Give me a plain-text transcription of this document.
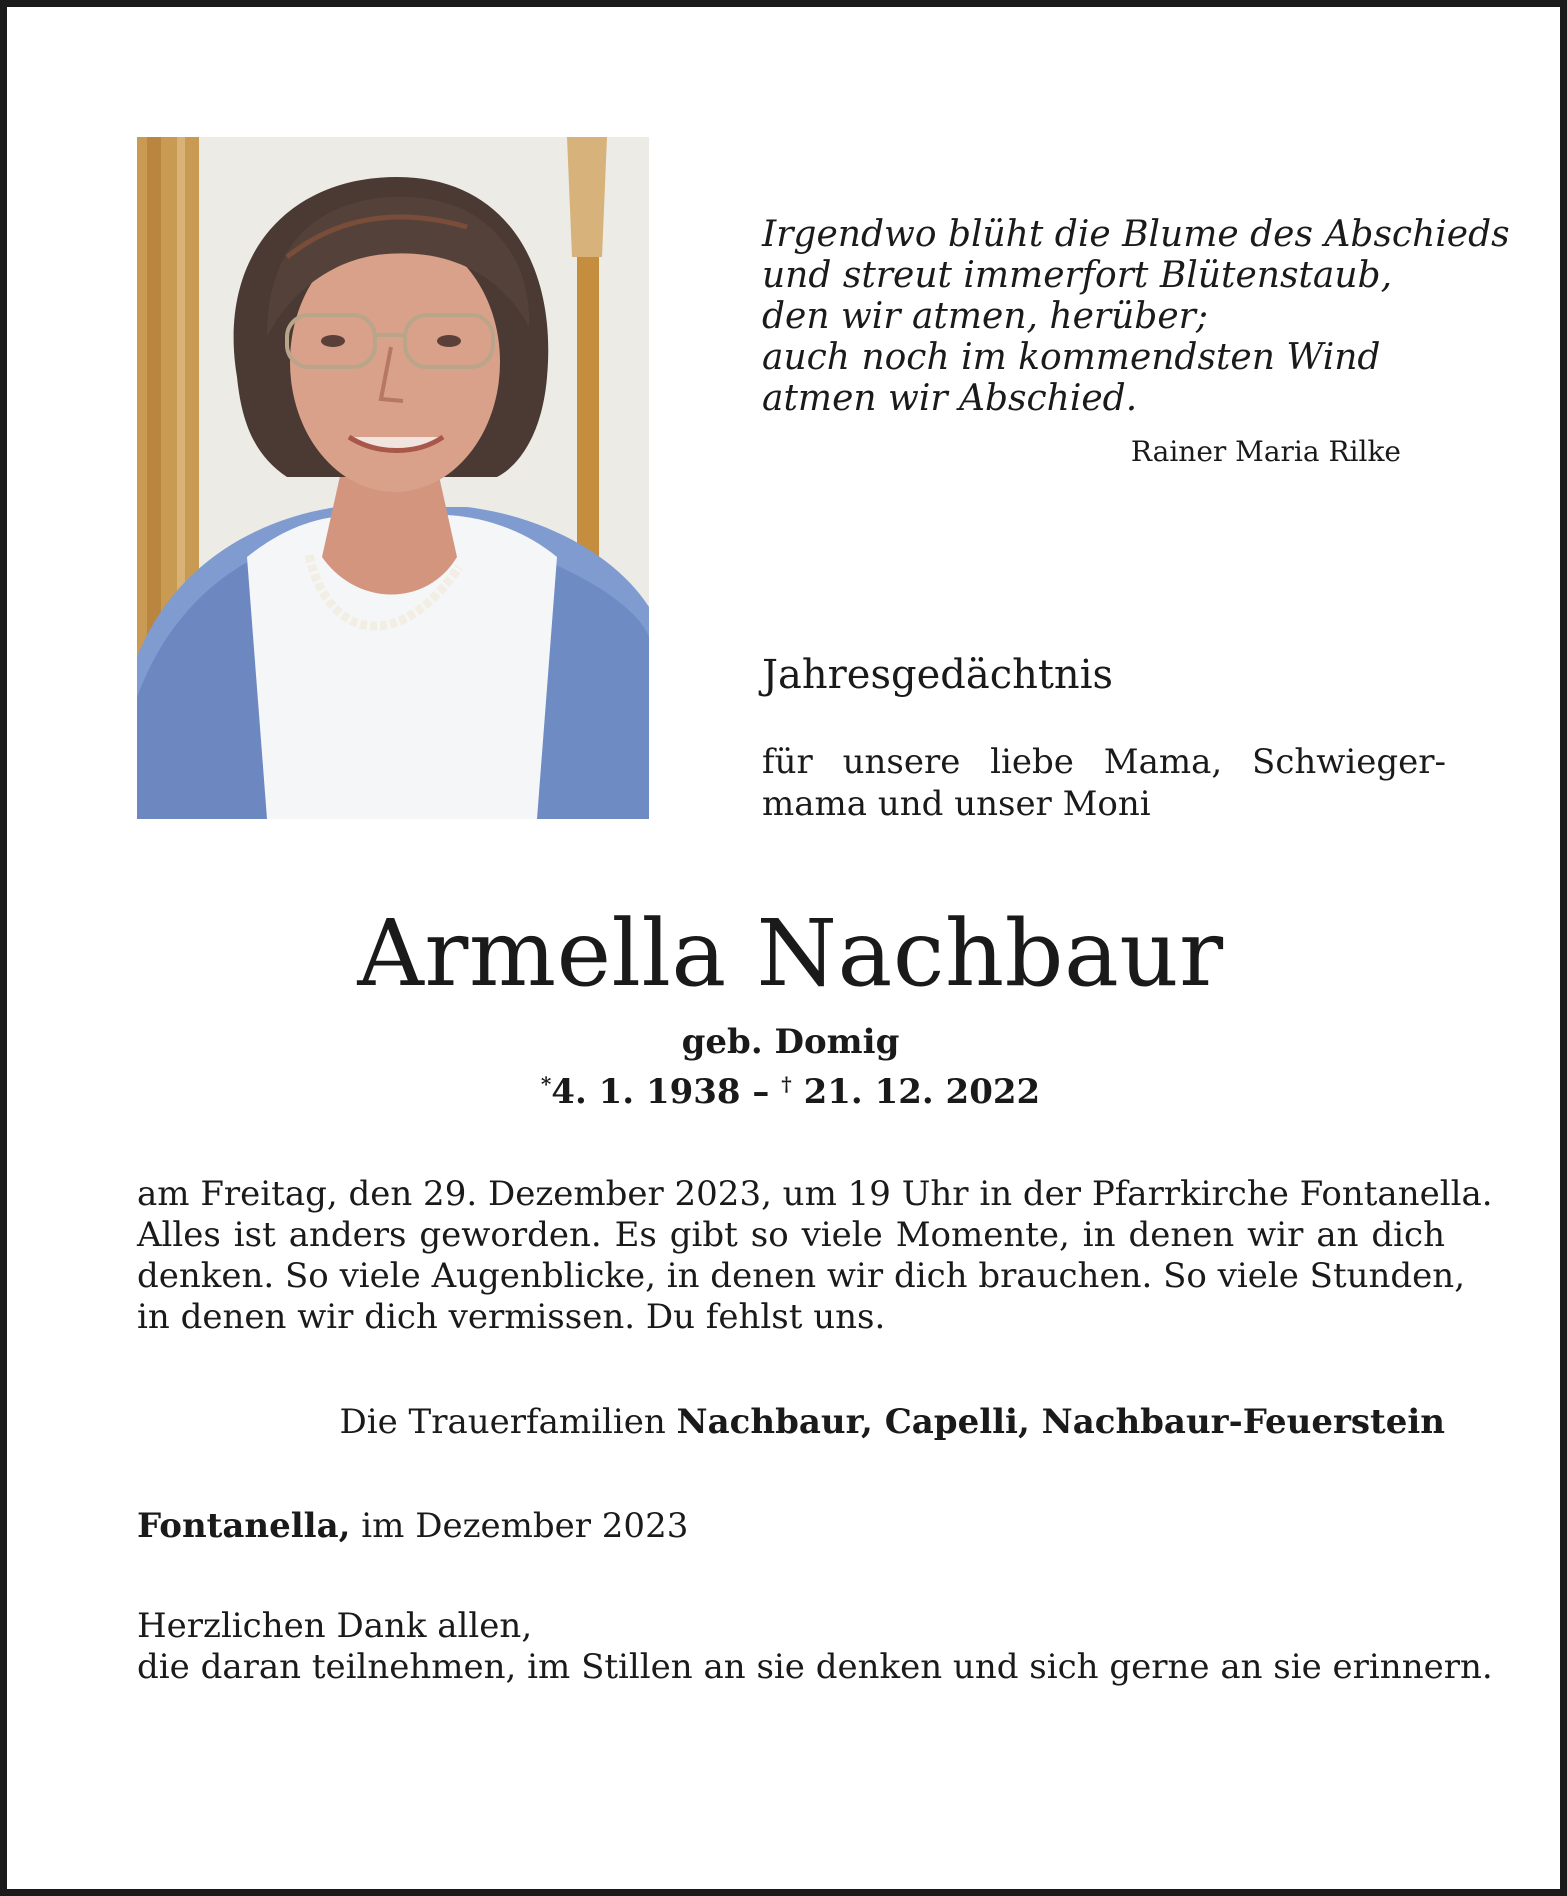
Irgendwo blüht die Blume des Abschieds
und streut immerfort Blütenstaub,
den wir atmen, herüber;
auch noch im kommendsten Wind
atmen wir Abschied.
Rainer Maria Rilke
Jahresgedächtnis
für unsere liebe Mama, Schwieger-
mama und unser Moni
Armella Nachbaur
geb. Domig
*4. 1. 1938 – † 21. 12. 2022
am Freitag, den 29. Dezember 2023, um 19 Uhr in der Pfarrkirche Fontanella.
Alles ist anders geworden. Es gibt so viele Momente, in denen wir an dich
denken. So viele Augenblicke, in denen wir dich brauchen. So viele Stunden,
in denen wir dich vermissen. Du fehlst uns.
Die Trauerfamilien Nachbaur, Capelli, Nachbaur-Feuerstein
Fontanella, im Dezember 2023
Herzlichen Dank allen,
die daran teilnehmen, im Stillen an sie denken und sich gerne an sie erinnern.
